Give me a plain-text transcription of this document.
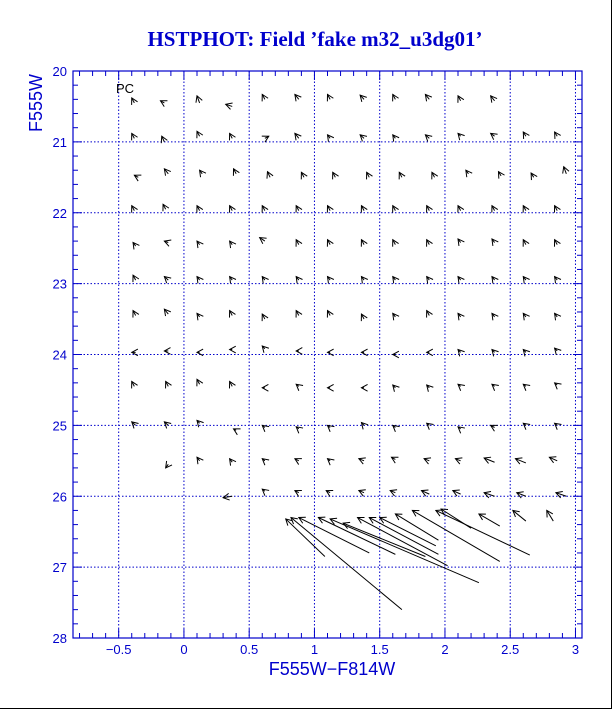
HSTPHOT: Field ’fake m32_u3dg01’
−0.5	0	0.5	1	1.5	2	2.5	3
20
21
22
23
24
25
26
27
28
PC
F555W−F814W
F555W
